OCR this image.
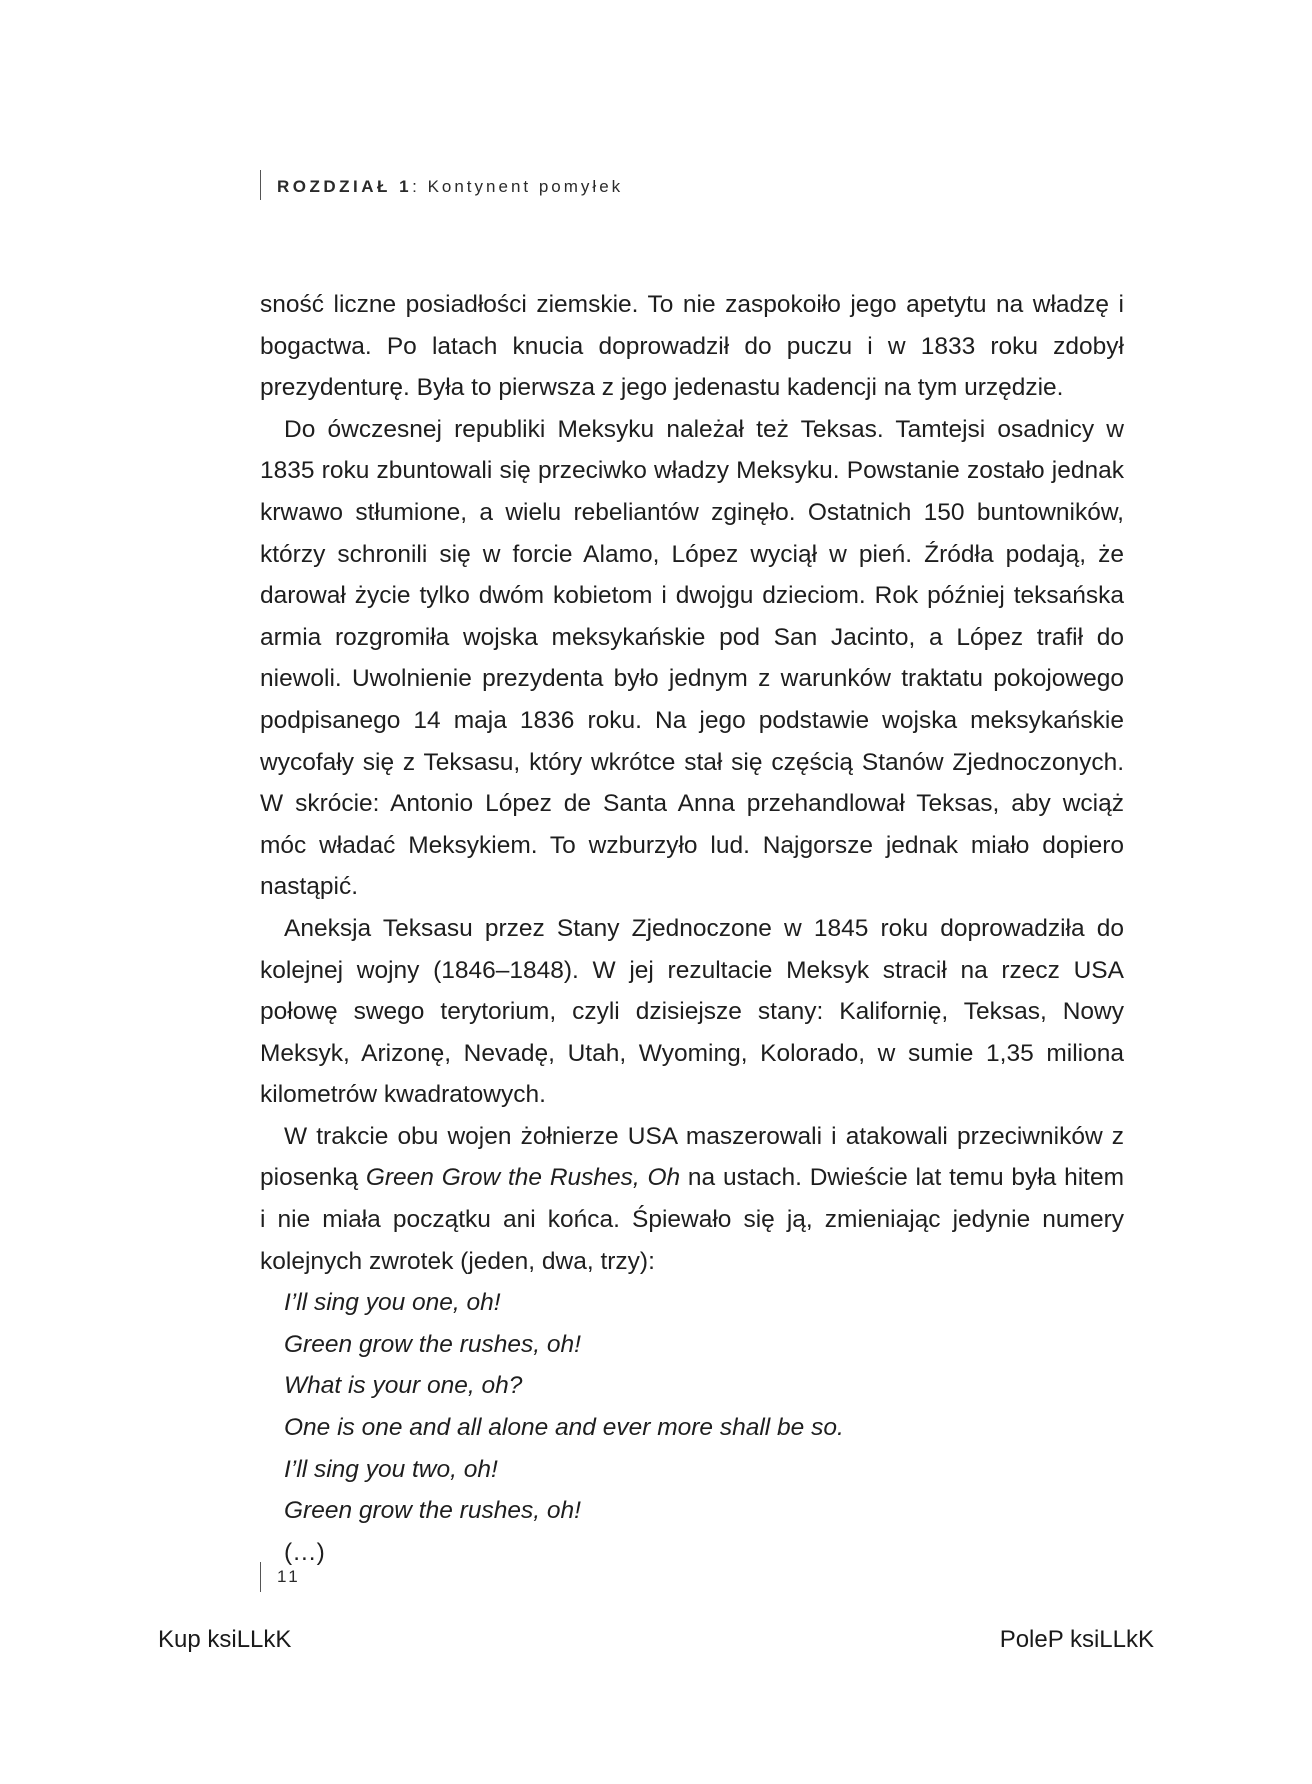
ROZDZIAŁ 1: Kontynent pomyłek

sność liczne posiadłości ziemskie. To nie zaspokoiło jego apetytu na władzę i bogactwa. Po latach knucia doprowadził do puczu i w 1833 roku zdobył prezydenturę. Była to pierwsza z jego jedenastu kadencji na tym urzędzie.

Do ówczesnej republiki Meksyku należał też Teksas. Tamtejsi osadnicy w 1835 roku zbuntowali się przeciwko władzy Meksyku. Powstanie zostało jednak krwawo stłumione, a wielu rebeliantów zginęło. Ostatnich 150 buntowników, którzy schronili się w forcie Alamo, López wyciął w pień. Źródła podają, że darował życie tylko dwóm kobietom i dwojgu dzieciom. Rok później teksańska armia rozgromiła wojska meksykańskie pod San Jacinto, a López trafił do niewoli. Uwolnienie prezydenta było jednym z warunków traktatu pokojowego podpisanego 14 maja 1836 roku. Na jego podstawie wojska meksykańskie wycofały się z Teksasu, który wkrótce stał się częścią Stanów Zjednoczonych. W skrócie: Antonio López de Santa Anna przehandlował Teksas, aby wciąż móc władać Meksykiem. To wzburzyło lud. Najgorsze jednak miało dopiero nastąpić.

Aneksja Teksasu przez Stany Zjednoczone w 1845 roku doprowadziła do kolejnej wojny (1846–1848). W jej rezultacie Meksyk stracił na rzecz USA połowę swego terytorium, czyli dzisiejsze stany: Kalifornię, Teksas, Nowy Meksyk, Arizonę, Nevadę, Utah, Wyoming, Kolorado, w sumie 1,35 miliona kilometrów kwadratowych.

W trakcie obu wojen żołnierze USA maszerowali i atakowali przeciwników z piosenką Green Grow the Rushes, Oh na ustach. Dwieście lat temu była hitem i nie miała początku ani końca. Śpiewało się ją, zmieniając jedynie numery kolejnych zwrotek (jeden, dwa, trzy):

I’ll sing you one, oh!
Green grow the rushes, oh!
What is your one, oh?
One is one and all alone and ever more shall be so.
I’ll sing you two, oh!
Green grow the rushes, oh!
(…)
11
Kup ksiLLkK	PoleP ksiLLkK
